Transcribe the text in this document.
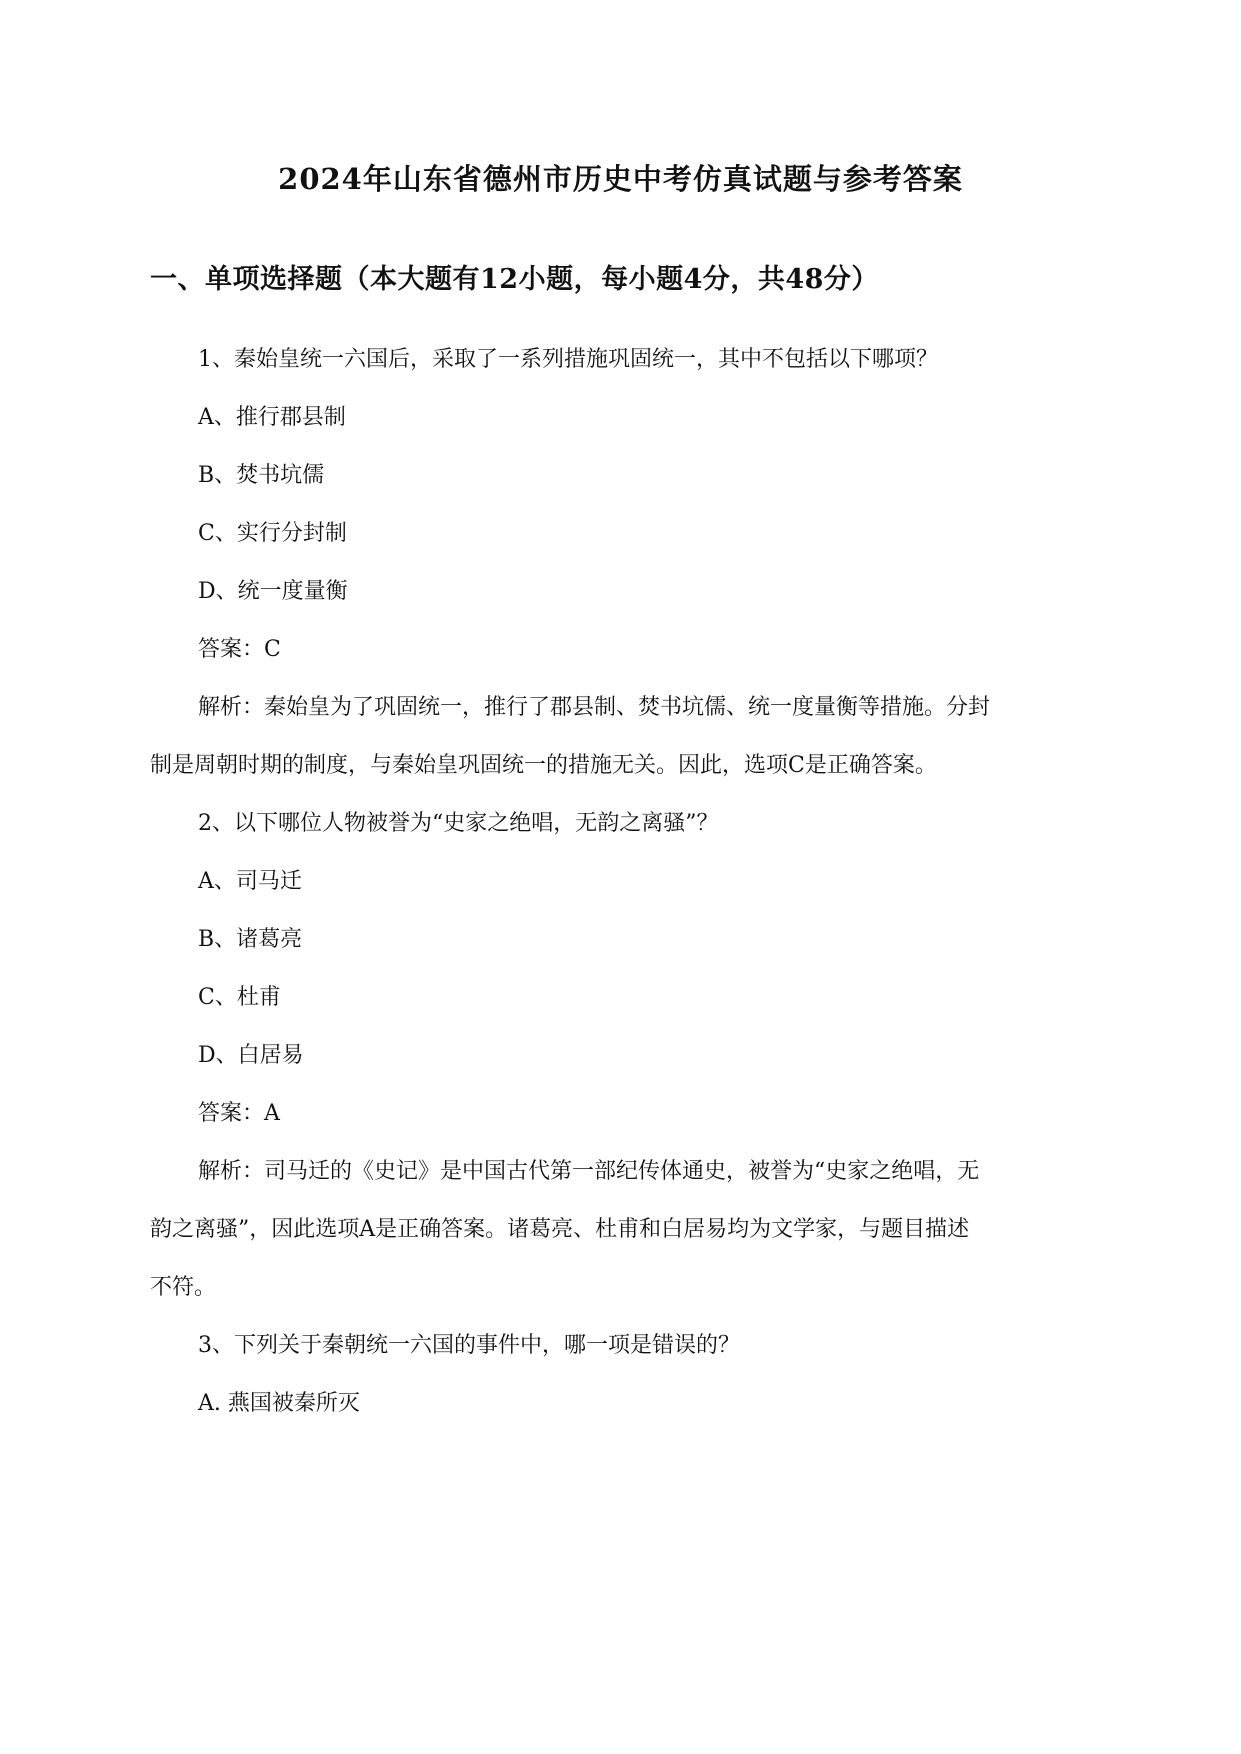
2024年山东省德州市历史中考仿真试题与参考答案
一、单项选择题（本大题有12小题，每小题4分，共48分）

1、秦始皇统一六国后，采取了一系列措施巩固统一，其中不包括以下哪项？

A、推行郡县制

B、焚书坑儒

C、实行分封制

D、统一度量衡

答案：C

解析：秦始皇为了巩固统一，推行了郡县制、焚书坑儒、统一度量衡等措施。分封

制是周朝时期的制度，与秦始皇巩固统一的措施无关。因此，选项C是正确答案。

2、以下哪位人物被誉为“史家之绝唱，无韵之离骚”？

A、司马迁

B、诸葛亮

C、杜甫

D、白居易

答案：A

解析：司马迁的《史记》是中国古代第一部纪传体通史，被誉为“史家之绝唱，无

韵之离骚”，因此选项A是正确答案。诸葛亮、杜甫和白居易均为文学家，与题目描述

不符。

3、下列关于秦朝统一六国的事件中，哪一项是错误的？

A. 燕国被秦所灭
